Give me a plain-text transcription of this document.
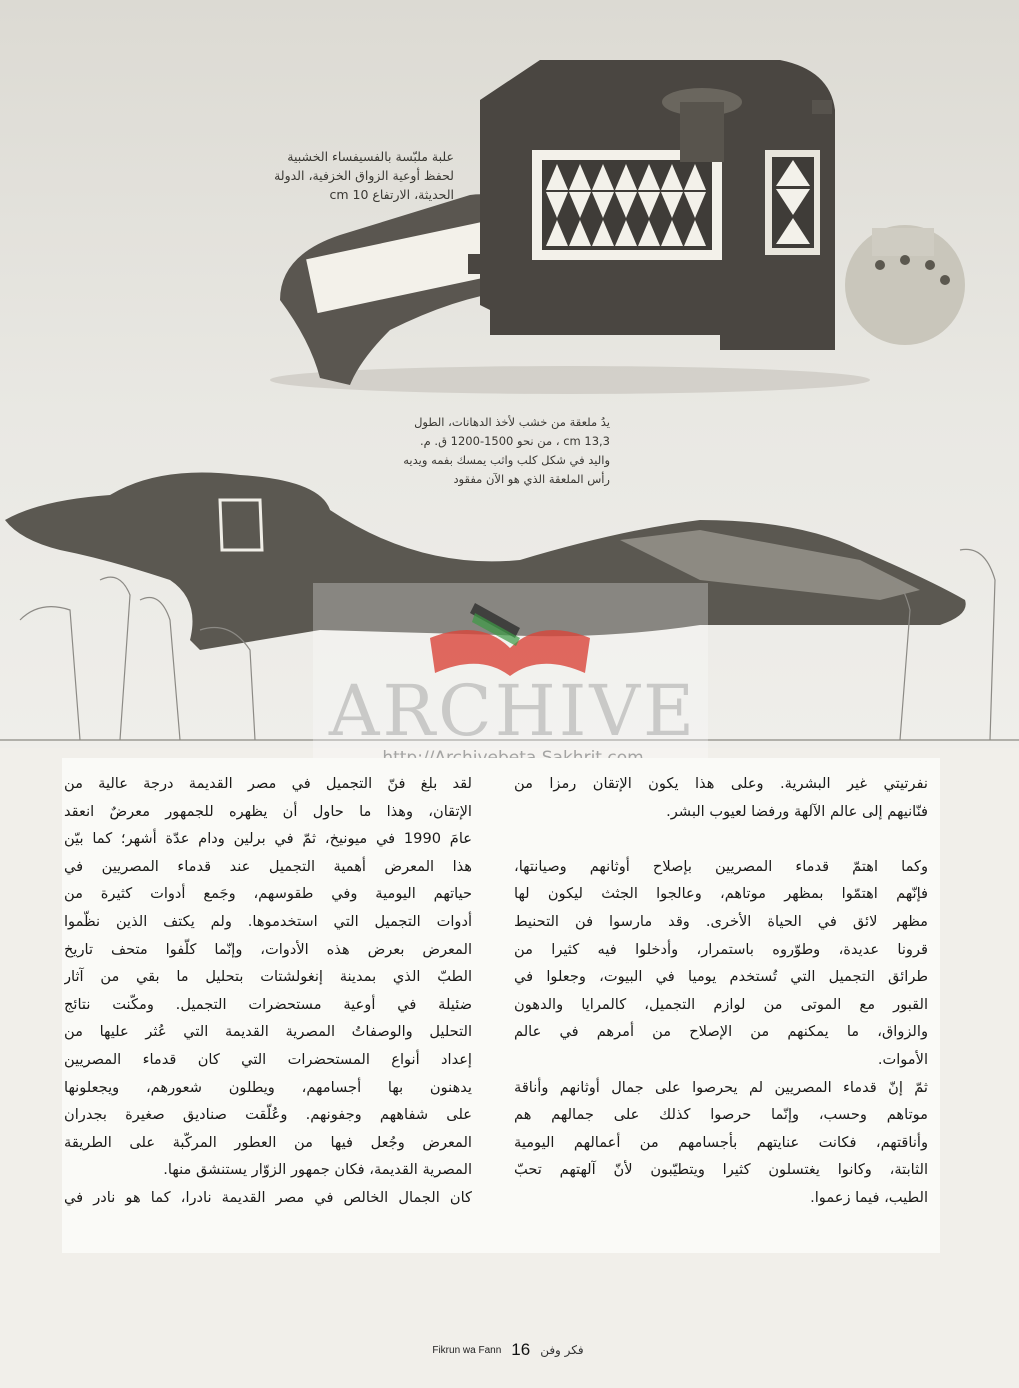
علبة ملبّسة بالفسيفساء الخشبية
لحفظ أوعية الزواق الخزفية، الدولة
الحديثة، الارتفاع 10 cm
يدُ ملعقة من خشب لأخذ الدهانات، الطول
13,3 cm ، من نحو 1500-1200 ق. م.
واليد في شكل كلب واثب يمسك بفمه ويديه
رأس الملعقة الذي هو الآن مفقود
ARCHIVE
لقد بلغ فنّ التجميل في مصر القديمة درجة عالية من
الإتقان، وهذا ما حاول أن يظهره للجمهور معرضٌ انعقد
عامَ 1990 في ميونيخ، ثمّ في برلين ودام عدّة أشهر؛ كما بيّن
هذا المعرض أهمية التجميل عند قدماء المصريين في
حياتهم اليومية وفي طقوسهم، وجَمع أدوات كثيرة من
أدوات التجميل التي استخدموها. ولم يكتف الذين نظّموا
المعرض بعرض هذه الأدوات، وإنّما كلّفوا متحف تاريخ
الطبّ الذي بمدينة إنغولشتات بتحليل ما بقي من آثار
ضئيلة في أوعية مستحضرات التجميل. ومكّنت نتائج
التحليل والوصفاتُ المصرية القديمة التي عُثر عليها من
إعداد أنواع المستحضرات التي كان قدماء المصريين
يدهنون بها أجسامهم، ويطلون شعورهم، ويجعلونها
على شفاههم وجفونهم. وعُلّقت صناديق صغيرة بجدران
المعرض وجُعل فيها من العطور المركّبة على الطريقة
المصرية القديمة، فكان جمهور الزوّار يستنشق منها.
كان الجمال الخالص في مصر القديمة نادرا، كما هو نادر في
نفرتيتي غير البشرية. وعلى هذا يكون الإتقان رمزا من
فنّانيهم إلى عالم الآلهة ورفضا لعيوب البشر.
وكما اهتمّ قدماء المصريين بإصلاح أوثانهم وصيانتها،
فإنّهم اهتمّوا بمظهر موتاهم، وعالجوا الجثث ليكون لها
مظهر لائق في الحياة الأخرى. وقد مارسوا فن التحنيط
قرونا عديدة، وطوّروه باستمرار، وأدخلوا فيه كثيرا من
طرائق التجميل التي تُستخدم يوميا في البيوت، وجعلوا في
القبور مع الموتى من لوازم التجميل، كالمرايا والدهون
والزواق، ما يمكنهم من الإصلاح من أمرهم في عالم
الأموات.
ثمّ إنّ قدماء المصريين لم يحرصوا على جمال أوثانهم وأناقة
موتاهم وحسب، وإنّما حرصوا كذلك على جمالهم هم
وأناقتهم، فكانت عنايتهم بأجسامهم من أعمالهم اليومية
الثابتة، وكانوا يغتسلون كثيرا ويتطيّبون لأنّ آلهتهم تحبّ
الطيب، فيما زعموا.
Fikrun wa Fann 16 فكر وفن
